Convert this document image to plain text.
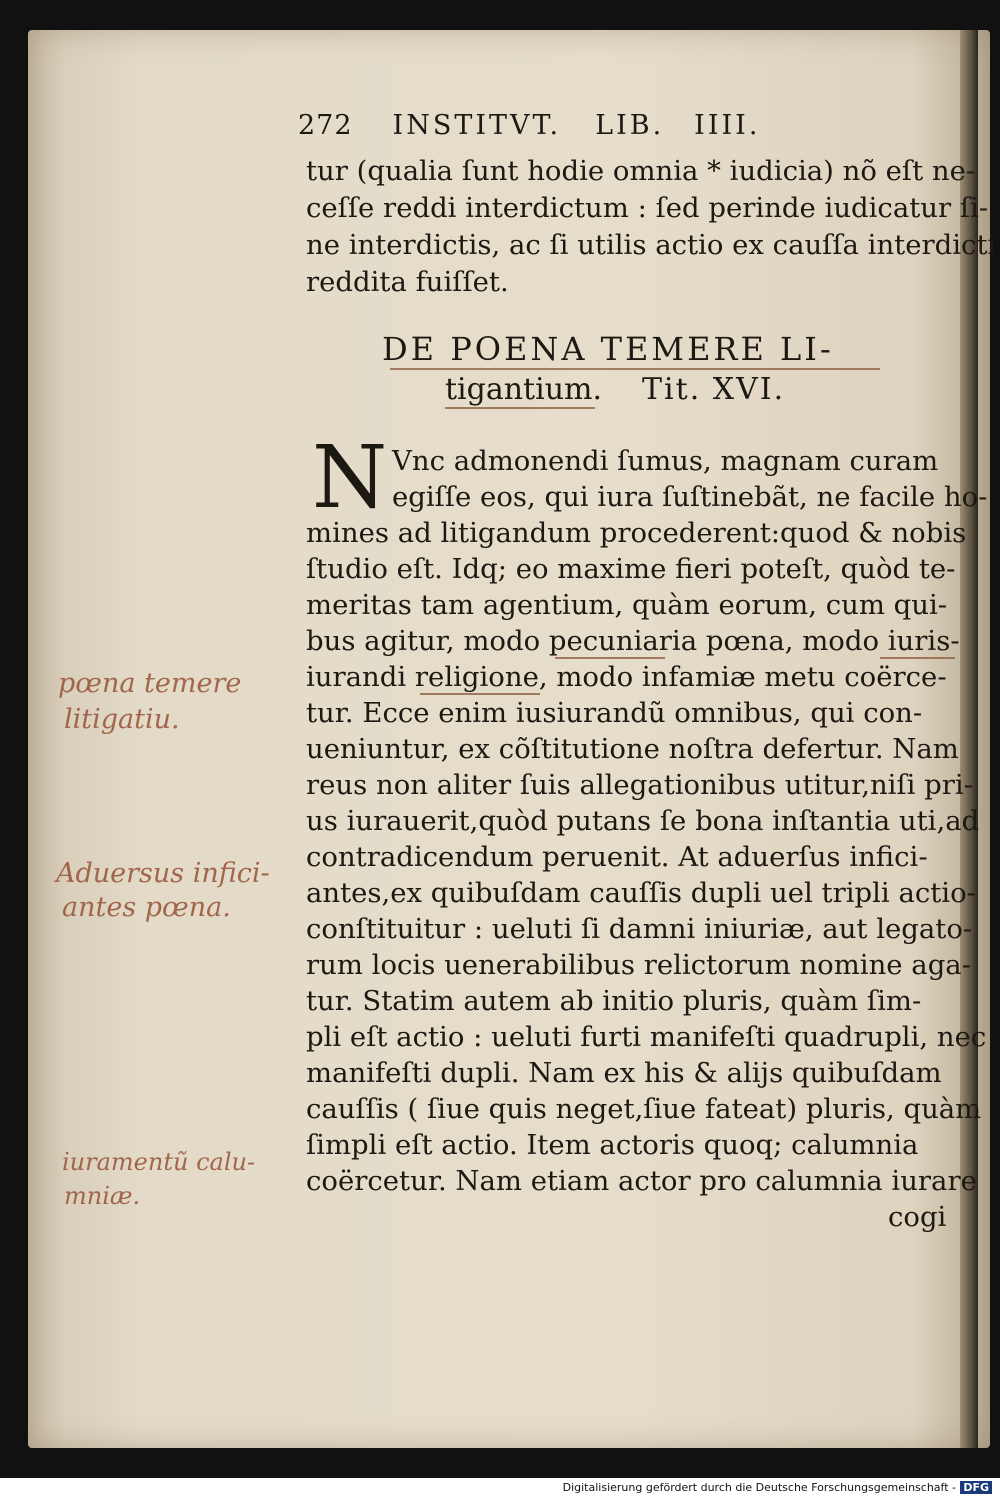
272 INSTITVT. LIB. IIII.
tur (qualia ſunt hodie omnia * iudicia) nõ eſt ne-
ceſſe reddi interdictum : ſed perinde iudicatur ſi-
ne interdictis, ac ſi utilis actio ex cauſſa interdicti
reddita fuiſſet.
DE POENA TEMERE LI-
tigantium. Tit. XVI.
N Vnc admonendi ſumus, magnam curam
egiſſe eos, qui iura ſuſtinebãt, ne facile ho-
mines ad litigandum procederent:quod & nobis
ſtudio eſt. Idq; eo maxime fieri poteſt, quòd te-
meritas tam agentium, quàm eorum, cum qui-
bus agitur, modo pecuniaria pœna, modo iuris-
iurandi religione, modo infamiæ metu coërce-
tur. Ecce enim iusiurandũ omnibus, qui con-
ueniuntur, ex cõſtitutione noſtra defertur. Nam
reus non aliter ſuis allegationibus utitur,niſi pri-
us iurauerit,quòd putans ſe bona inſtantia uti,ad
contradicendum peruenit. At aduerſus infici-
antes,ex quibuſdam cauſſis dupli uel tripli actio-
conſtituitur : ueluti ſi damni iniuriæ, aut legato-
rum locis uenerabilibus relictorum nomine aga-
tur. Statim autem ab initio pluris, quàm ſim-
pli eſt actio : ueluti furti manifeſti quadrupli, nec
manifeſti dupli. Nam ex his & aliјs quibuſdam
cauſſis ( ſiue quis neget,ſiue fateat) pluris, quàm
ſimpli eſt actio. Item actoris quoq; calumnia
coërcetur. Nam etiam actor pro calumnia iurare
cogi
pœna temere
litigatiu.
Aduersus infici-
antes pœna.
iuramentũ calu-
mniæ.
Digitalisierung gefördert durch die Deutsche Forschungsgemeinschaft - DFG
